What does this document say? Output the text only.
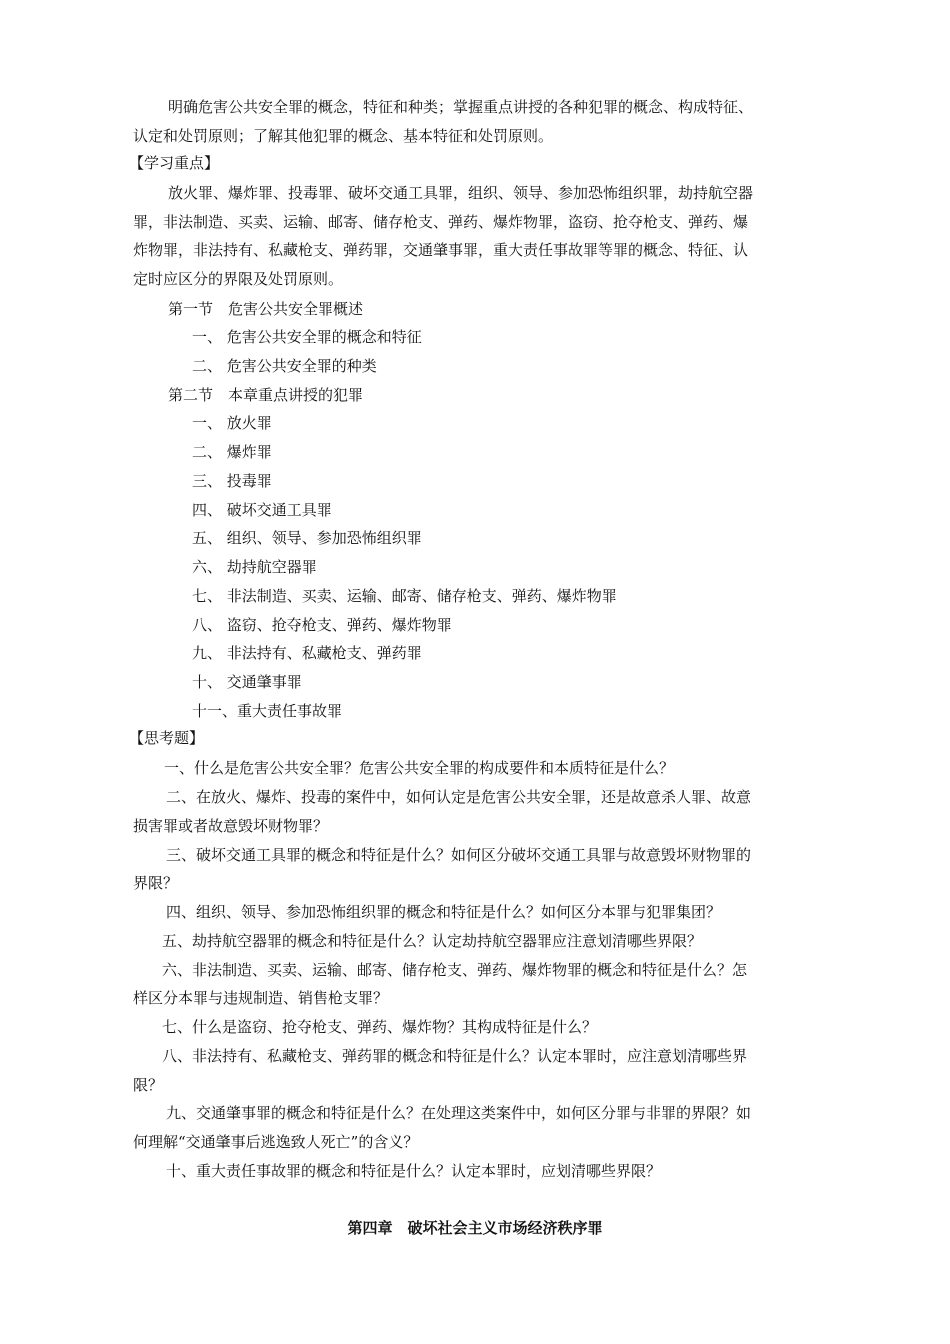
明确危害公共安全罪的概念，特征和种类；掌握重点讲授的各种犯罪的概念、构成特征、
认定和处罚原则；了解其他犯罪的概念、基本特征和处罚原则。
【学习重点】
放火罪、爆炸罪、投毒罪、破坏交通工具罪，组织、领导、参加恐怖组织罪，劫持航空器
罪，非法制造、买卖、运输、邮寄、储存枪支、弹药、爆炸物罪，盗窃、抢夺枪支、弹药、爆
炸物罪，非法持有、私藏枪支、弹药罪，交通肇事罪，重大责任事故罪等罪的概念、特征、认
定时应区分的界限及处罚原则。
第一节　危害公共安全罪概述
一、 危害公共安全罪的概念和特征
二、 危害公共安全罪的种类
第二节　本章重点讲授的犯罪
一、 放火罪
二、 爆炸罪
三、 投毒罪
四、 破坏交通工具罪
五、 组织、领导、参加恐怖组织罪
六、 劫持航空器罪
七、 非法制造、买卖、运输、邮寄、储存枪支、弹药、爆炸物罪
八、 盗窃、抢夺枪支、弹药、爆炸物罪
九、 非法持有、私藏枪支、弹药罪
十、 交通肇事罪
十一、重大责任事故罪
【思考题】
一、什么是危害公共安全罪？危害公共安全罪的构成要件和本质特征是什么？
二、在放火、爆炸、投毒的案件中，如何认定是危害公共安全罪，还是故意杀人罪、故意
损害罪或者故意毁坏财物罪？
三、破坏交通工具罪的概念和特征是什么？如何区分破坏交通工具罪与故意毁坏财物罪的
界限？
四、组织、领导、参加恐怖组织罪的概念和特征是什么？如何区分本罪与犯罪集团？
五、劫持航空器罪的概念和特征是什么？认定劫持航空器罪应注意划清哪些界限？
六、非法制造、买卖、运输、邮寄、储存枪支、弹药、爆炸物罪的概念和特征是什么？怎
样区分本罪与违规制造、销售枪支罪？
七、什么是盗窃、抢夺枪支、弹药、爆炸物？其构成特征是什么？
八、非法持有、私藏枪支、弹药罪的概念和特征是什么？认定本罪时，应注意划清哪些界
限？
九、交通肇事罪的概念和特征是什么？在处理这类案件中，如何区分罪与非罪的界限？如
何理解“交通肇事后逃逸致人死亡”的含义？
十、重大责任事故罪的概念和特征是什么？认定本罪时，应划清哪些界限？
第四章　破坏社会主义市场经济秩序罪
